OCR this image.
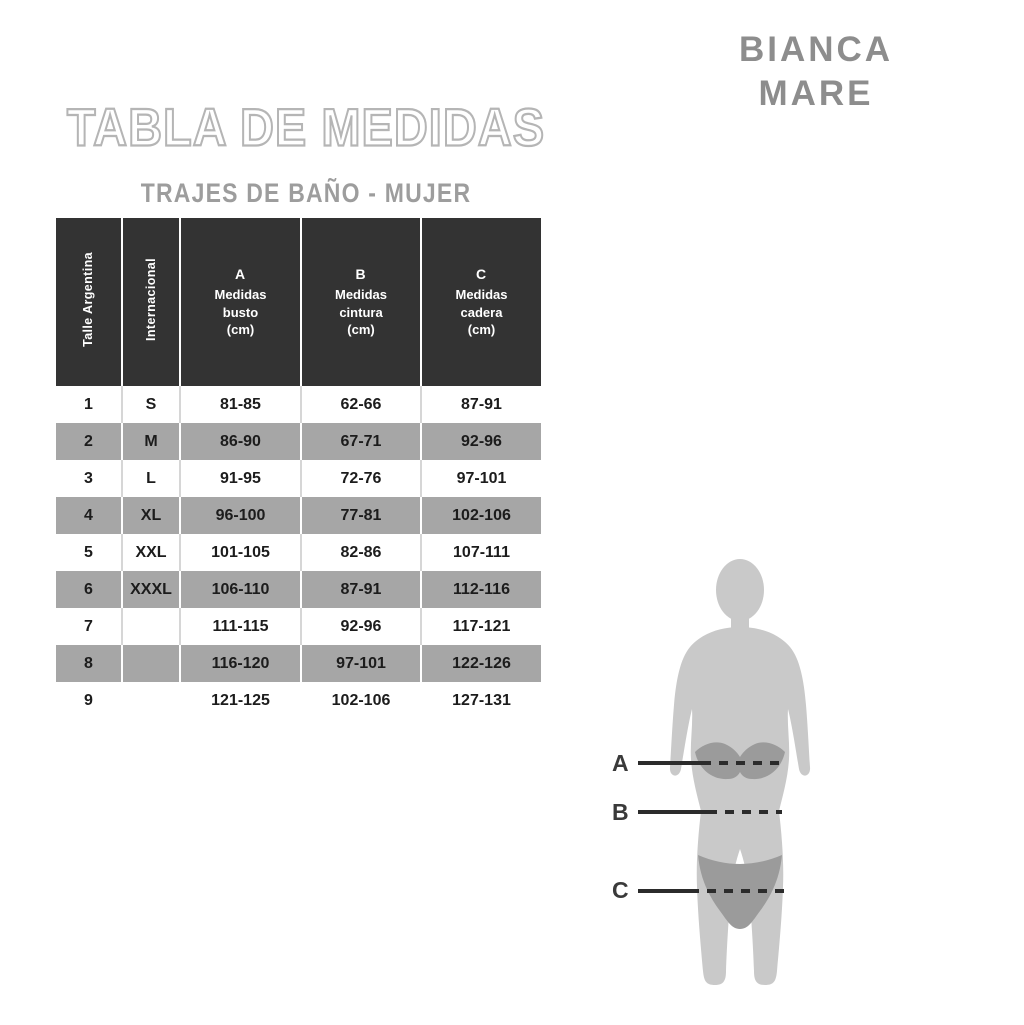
BIANCA
MARE
TABLA DE MEDIDAS
TRAJES DE BAÑO - MUJER
Talle Argentina	Internacional	A
Medidas
busto
(cm)	B
Medidas
cintura
(cm)	C
Medidas
cadera
(cm)

1	S	81-85	62-66	87-91
2	M	86-90	67-71	92-96
3	L	91-95	72-76	97-101
4	XL	96-100	77-81	102-106
5	XXL	101-105	82-86	107-111
6	XXXL	106-110	87-91	112-116
7		111-115	92-96	117-121
8		116-120	97-101	122-126
9		121-125	102-106	127-131
A
B
C
